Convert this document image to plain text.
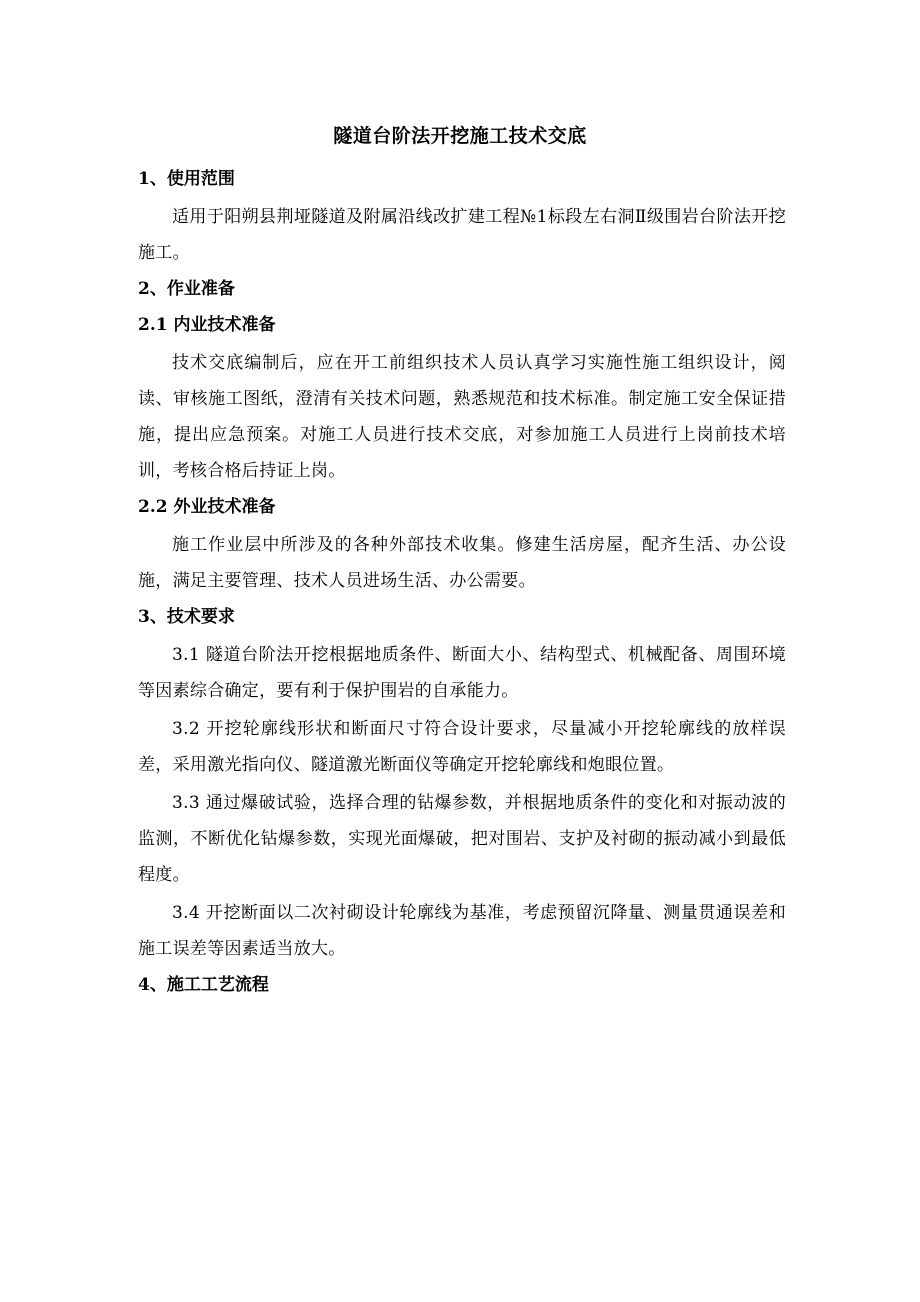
隧道台阶法开挖施工技术交底
1、使用范围

适用于阳朔县荆垭隧道及附属沿线改扩建工程№1标段左右洞Ⅱ级围岩台阶法开挖施工。

2、作业准备
2.1 内业技术准备

技术交底编制后，应在开工前组织技术人员认真学习实施性施工组织设计，阅读、审核施工图纸，澄清有关技术问题，熟悉规范和技术标准。制定施工安全保证措施，提出应急预案。对施工人员进行技术交底，对参加施工人员进行上岗前技术培训，考核合格后持证上岗。

2.2 外业技术准备

施工作业层中所涉及的各种外部技术收集。修建生活房屋，配齐生活、办公设施，满足主要管理、技术人员进场生活、办公需要。

3、技术要求

3.1 隧道台阶法开挖根据地质条件、断面大小、结构型式、机械配备、周围环境等因素综合确定，要有利于保护围岩的自承能力。

3.2 开挖轮廓线形状和断面尺寸符合设计要求，尽量减小开挖轮廓线的放样误差，采用激光指向仪、隧道激光断面仪等确定开挖轮廓线和炮眼位置。

3.3 通过爆破试验，选择合理的钻爆参数，并根据地质条件的变化和对振动波的监测，不断优化钻爆参数，实现光面爆破，把对围岩、支护及衬砌的振动减小到最低程度。

3.4 开挖断面以二次衬砌设计轮廓线为基准，考虑预留沉降量、测量贯通误差和施工误差等因素适当放大。

4、施工工艺流程
